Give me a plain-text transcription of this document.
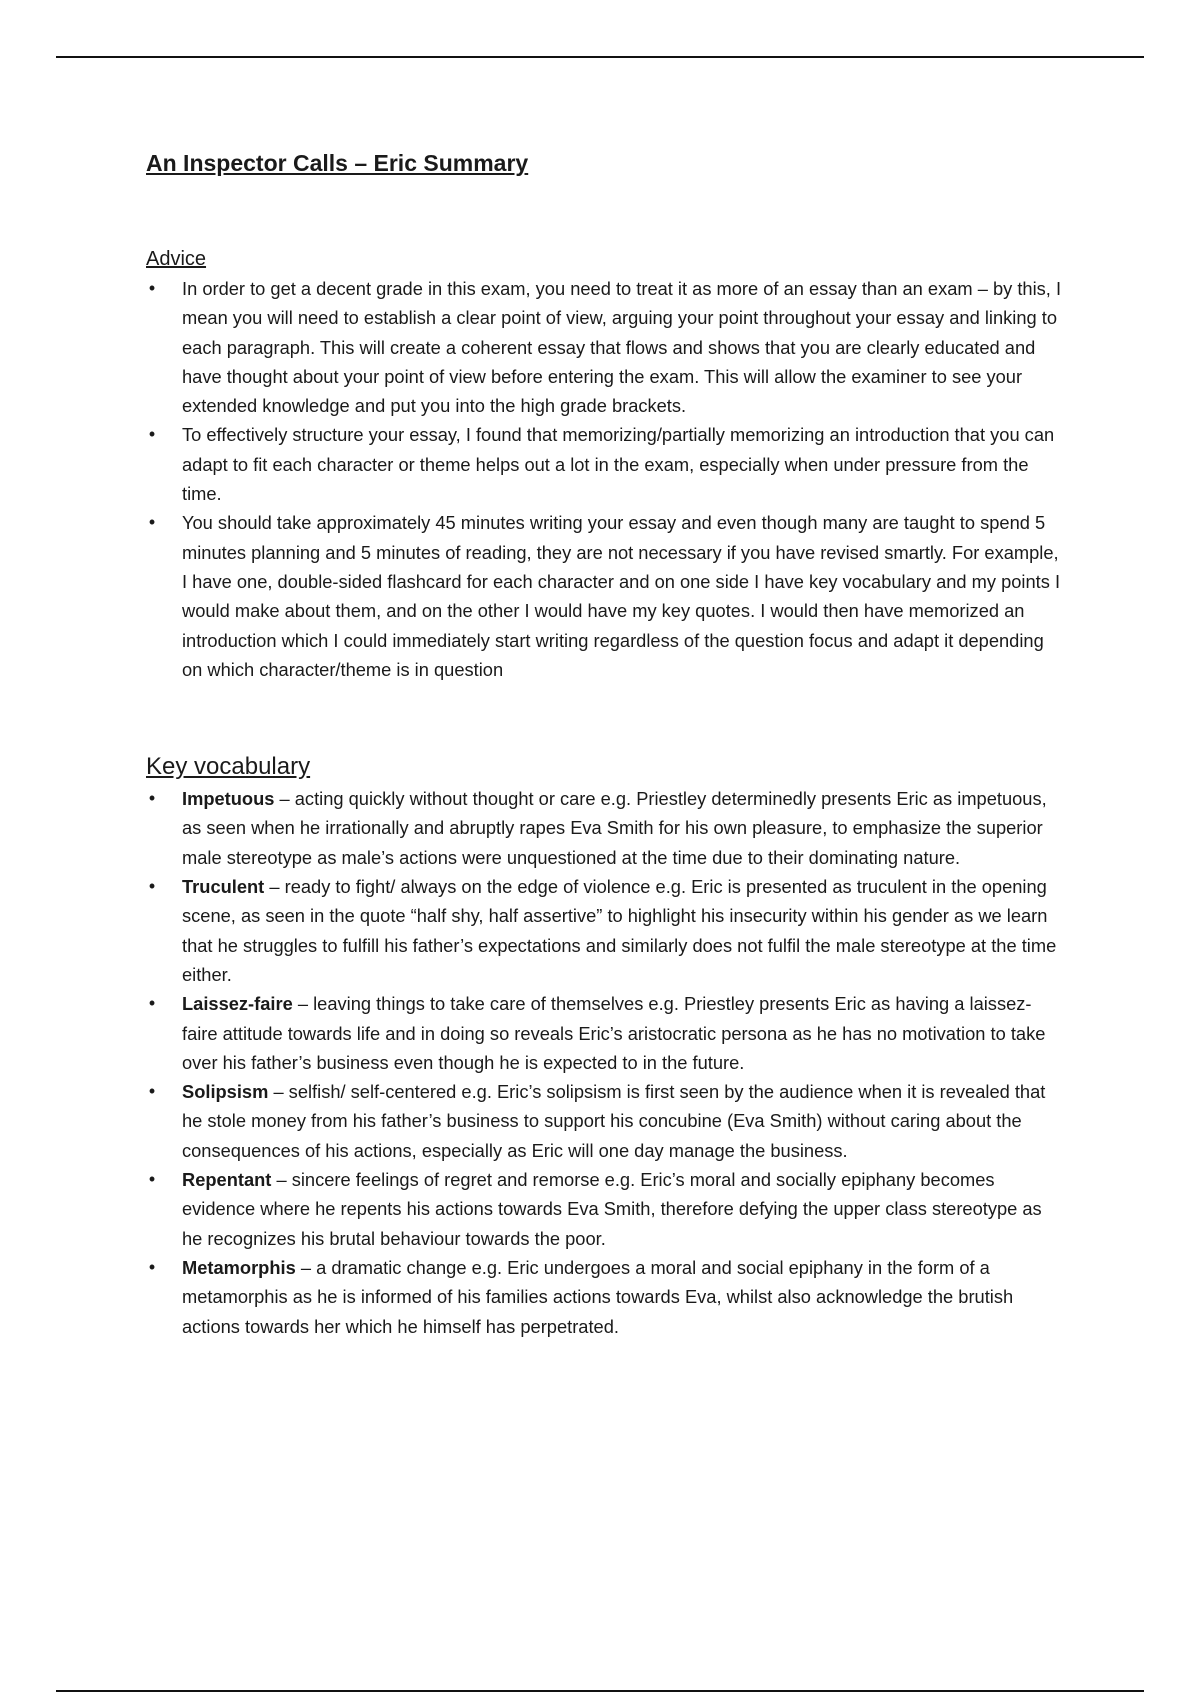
An Inspector Calls – Eric Summary
Advice
• In order to get a decent grade in this exam, you need to treat it as more of an essay than an exam – by this, I mean you will need to establish a clear point of view, arguing your point throughout your essay and linking to each paragraph. This will create a coherent essay that flows and shows that you are clearly educated and have thought about your point of view before entering the exam. This will allow the examiner to see your extended knowledge and put you into the high grade brackets.
• To effectively structure your essay, I found that memorizing/partially memorizing an introduction that you can adapt to fit each character or theme helps out a lot in the exam, especially when under pressure from the time.
• You should take approximately 45 minutes writing your essay and even though many are taught to spend 5 minutes planning and 5 minutes of reading, they are not necessary if you have revised smartly. For example, I have one, double-sided flashcard for each character and on one side I have key vocabulary and my points I would make about them, and on the other I would have my key quotes. I would then have memorized an introduction which I could immediately start writing regardless of the question focus and adapt it depending on which character/theme is in question
Key vocabulary
• Impetuous – acting quickly without thought or care e.g. Priestley determinedly presents Eric as impetuous, as seen when he irrationally and abruptly rapes Eva Smith for his own pleasure, to emphasize the superior male stereotype as male’s actions were unquestioned at the time due to their dominating nature.
• Truculent – ready to fight/ always on the edge of violence e.g. Eric is presented as truculent in the opening scene, as seen in the quote “half shy, half assertive” to highlight his insecurity within his gender as we learn that he struggles to fulfill his father’s expectations and similarly does not fulfil the male stereotype at the time either.
• Laissez-faire – leaving things to take care of themselves e.g. Priestley presents Eric as having a laissez-faire attitude towards life and in doing so reveals Eric’s aristocratic persona as he has no motivation to take over his father’s business even though he is expected to in the future.
• Solipsism – selfish/ self-centered e.g. Eric’s solipsism is first seen by the audience when it is revealed that he stole money from his father’s business to support his concubine (Eva Smith) without caring about the consequences of his actions, especially as Eric will one day manage the business.
• Repentant – sincere feelings of regret and remorse e.g. Eric’s moral and socially epiphany becomes evidence where he repents his actions towards Eva Smith, therefore defying the upper class stereotype as he recognizes his brutal behaviour towards the poor.
• Metamorphis – a dramatic change e.g. Eric undergoes a moral and social epiphany in the form of a metamorphis as he is informed of his families actions towards Eva, whilst also acknowledge the brutish actions towards her which he himself has perpetrated.
